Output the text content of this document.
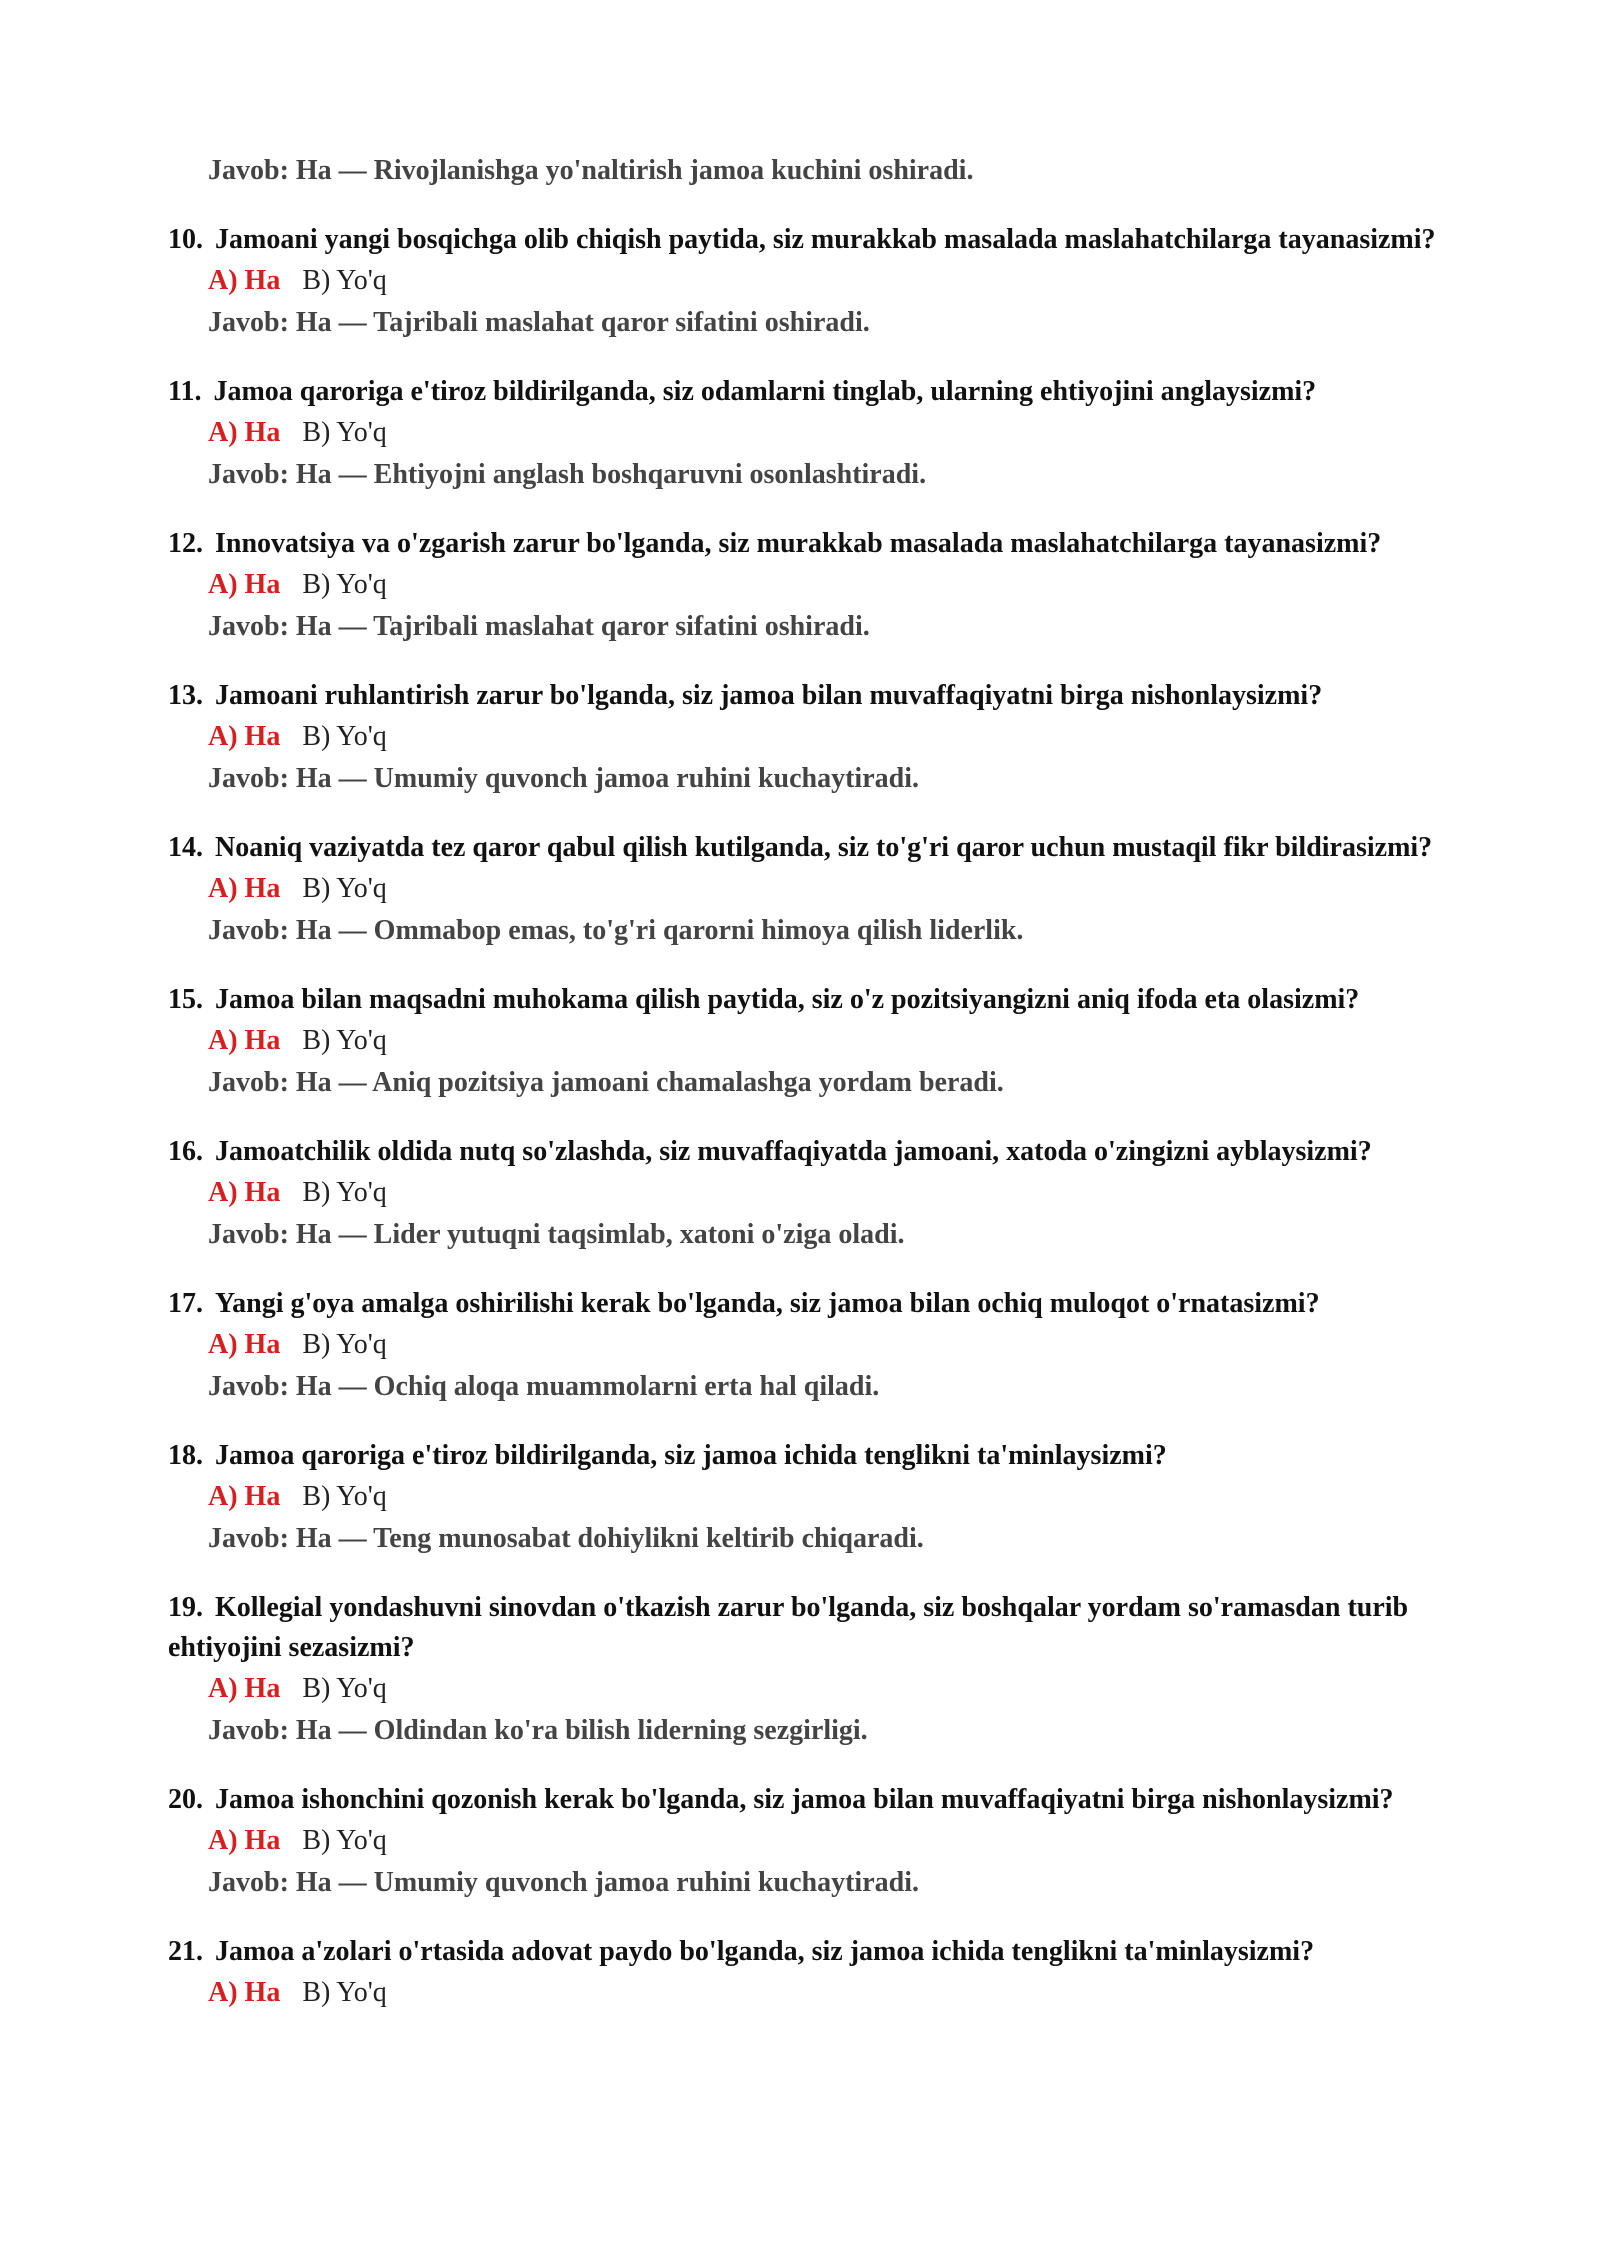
Javob: Ha — Rivojlanishga yo'naltirish jamoa kuchini oshiradi.
10. Jamoani yangi bosqichga olib chiqish paytida, siz murakkab masalada maslahatchilarga tayanasizmi?
A) Ha B) Yo'q
Javob: Ha — Tajribali maslahat qaror sifatini oshiradi.
11. Jamoa qaroriga e'tiroz bildirilganda, siz odamlarni tinglab, ularning ehtiyojini anglaysizmi?
A) Ha B) Yo'q
Javob: Ha — Ehtiyojni anglash boshqaruvni osonlashtiradi.
12. Innovatsiya va o'zgarish zarur bo'lganda, siz murakkab masalada maslahatchilarga tayanasizmi?
A) Ha B) Yo'q
Javob: Ha — Tajribali maslahat qaror sifatini oshiradi.
13. Jamoani ruhlantirish zarur bo'lganda, siz jamoa bilan muvaffaqiyatni birga nishonlaysizmi?
A) Ha B) Yo'q
Javob: Ha — Umumiy quvonch jamoa ruhini kuchaytiradi.
14. Noaniq vaziyatda tez qaror qabul qilish kutilganda, siz to'g'ri qaror uchun mustaqil fikr bildirasizmi?
A) Ha B) Yo'q
Javob: Ha — Ommabop emas, to'g'ri qarorni himoya qilish liderlik.
15. Jamoa bilan maqsadni muhokama qilish paytida, siz o'z pozitsiyangizni aniq ifoda eta olasizmi?
A) Ha B) Yo'q
Javob: Ha — Aniq pozitsiya jamoani chamalashga yordam beradi.
16. Jamoatchilik oldida nutq so'zlashda, siz muvaffaqiyatda jamoani, xatoda o'zingizni ayblaysizmi?
A) Ha B) Yo'q
Javob: Ha — Lider yutuqni taqsimlab, xatoni o'ziga oladi.
17. Yangi g'oya amalga oshirilishi kerak bo'lganda, siz jamoa bilan ochiq muloqot o'rnatasizmi?
A) Ha B) Yo'q
Javob: Ha — Ochiq aloqa muammolarni erta hal qiladi.
18. Jamoa qaroriga e'tiroz bildirilganda, siz jamoa ichida tenglikni ta'minlaysizmi?
A) Ha B) Yo'q
Javob: Ha — Teng munosabat dohiylikni keltirib chiqaradi.
19. Kollegial yondashuvni sinovdan o'tkazish zarur bo'lganda, siz boshqalar yordam so'ramasdan turib ehtiyojini sezasizmi?
A) Ha B) Yo'q
Javob: Ha — Oldindan ko'ra bilish liderning sezgirligi.
20. Jamoa ishonchini qozonish kerak bo'lganda, siz jamoa bilan muvaffaqiyatni birga nishonlaysizmi?
A) Ha B) Yo'q
Javob: Ha — Umumiy quvonch jamoa ruhini kuchaytiradi.
21. Jamoa a'zolari o'rtasida adovat paydo bo'lganda, siz jamoa ichida tenglikni ta'minlaysizmi?
A) Ha B) Yo'q
